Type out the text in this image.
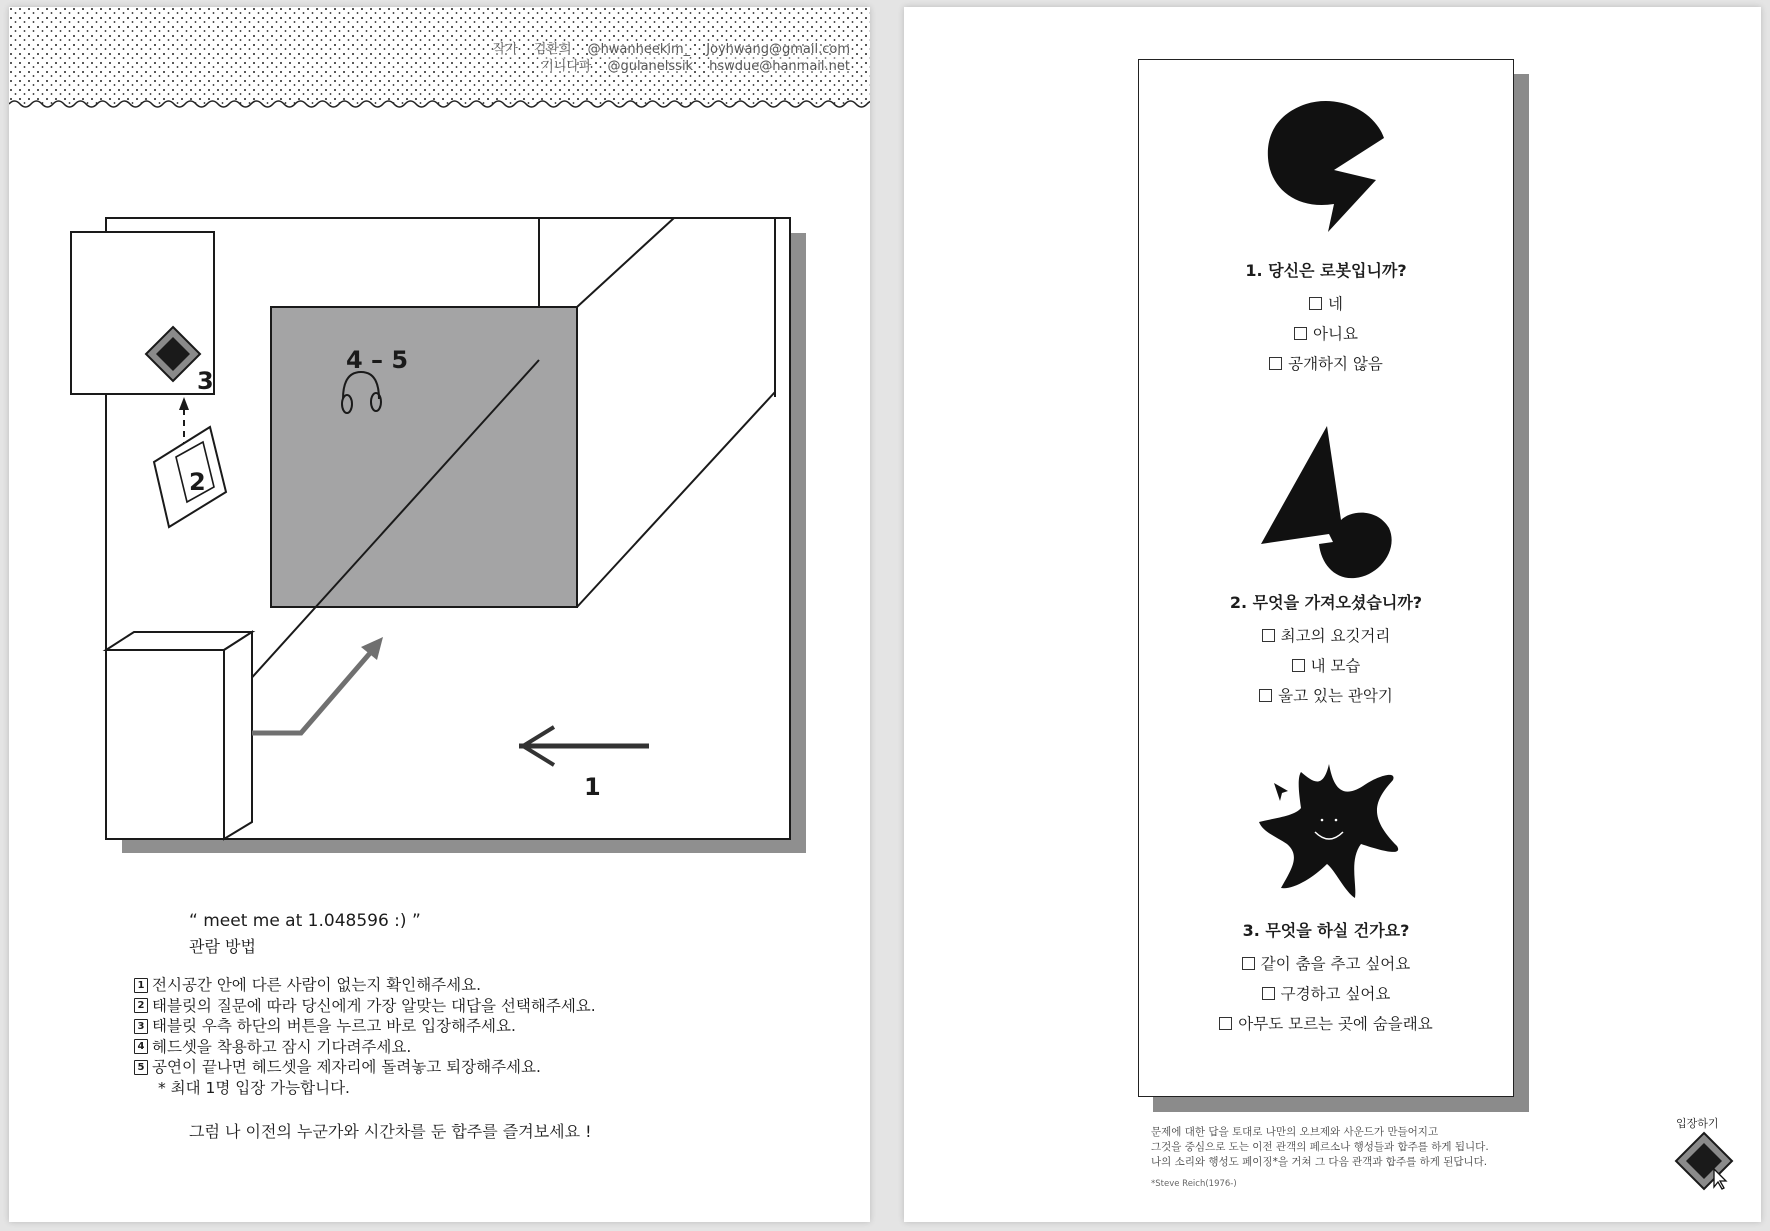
작가 김환희 @hwanheekim_ Joyhwang@gmail.com
기니다파 @gulanelssik hswdue@hanmail.net
3
2
4 – 5
1
“ meet me at 1.048596 :) ”
관람 방법
1 전시공간 안에 다른 사람이 없는지 확인해주세요.
2 태블릿의 질문에 따라 당신에게 가장 알맞는 대답을 선택해주세요.
3 태블릿 우측 하단의 버튼을 누르고 바로 입장해주세요.
4 헤드셋을 착용하고 잠시 기다려주세요.
5 공연이 끝나면 헤드셋을 제자리에 돌려놓고 퇴장해주세요.
* 최대 1명 입장 가능합니다.
그럼 나 이전의 누군가와 시간차를 둔 합주를 즐겨보세요 !
1. 당신은 로봇입니까?
네
아니요
공개하지 않음
2. 무엇을 가져오셨습니까?
최고의 요깃거리
내 모습
울고 있는 관악기
3. 무엇을 하실 건가요?
같이 춤을 추고 싶어요
구경하고 싶어요
아무도 모르는 곳에 숨을래요
문제에 대한 답을 토대로 나만의 오브제와 사운드가 만들어지고
그것을 중심으로 도는 이전 관객의 페르소나 행성들과 합주를 하게 됩니다.
나의 소리와 행성도 페이징*을 거쳐 그 다음 관객과 합주를 하게 된답니다.
*Steve Reich(1976-)
입장하기
